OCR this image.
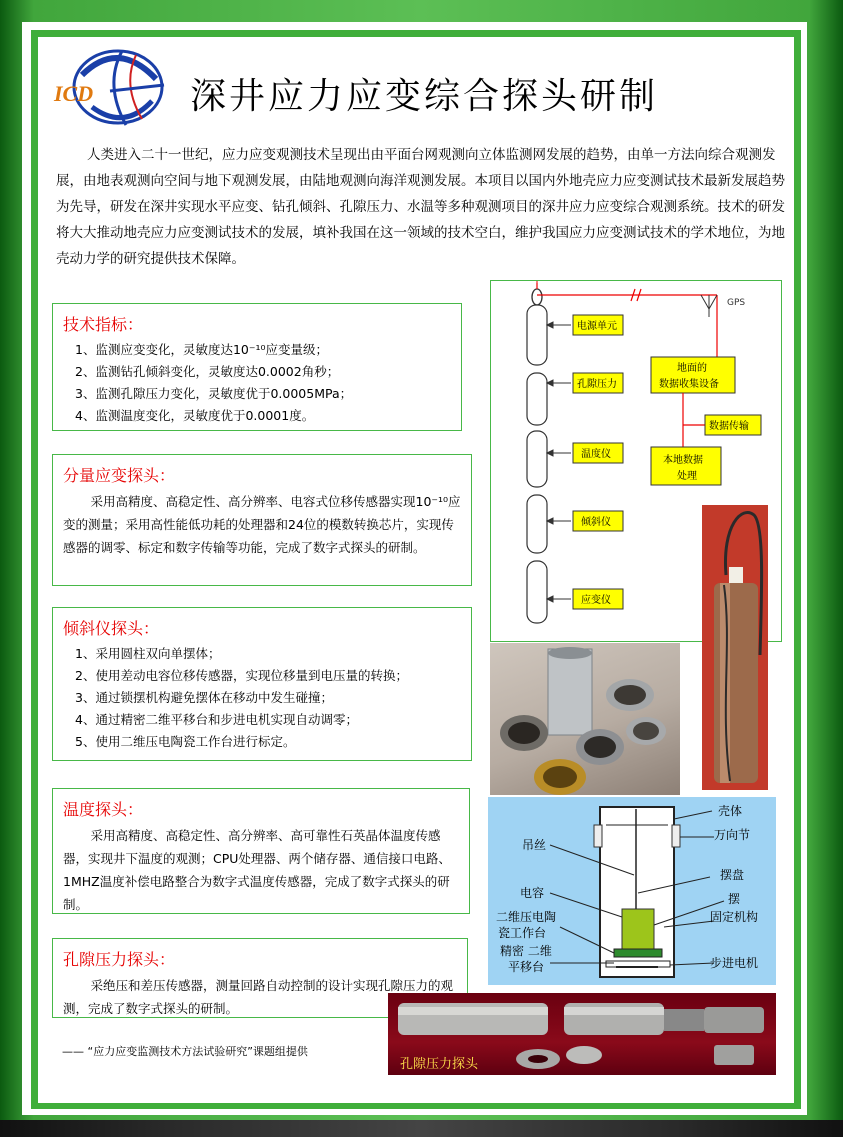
ICD	深井应力应变综合探头研制

人类进入二十一世纪，应力应变观测技术呈现出由平面台网观测向立体监测网发展的趋势，由单一方法向综合观测发展，由地表观测向空间与地下观测发展，由陆地观测向海洋观测发展。本项目以国内外地壳应力应变测试技术最新发展趋势为先导，研发在深井实现水平应变、钻孔倾斜、孔隙压力、水温等多种观测项目的深井应力应变综合观测系统。技术的研发将大大推动地壳应力应变测试技术的发展，填补我国在这一领域的技术空白，维护我国应力应变测试技术的学术地位，为地壳动力学的研究提供技术保障。

技术指标：
1、监测应变变化，灵敏度达10⁻¹⁰应变量级；
2、监测钻孔倾斜变化，灵敏度达0.0002角秒；
3、监测孔隙压力变化，灵敏度优于0.0005MPa；
4、监测温度变化，灵敏度优于0.0001度。
分量应变探头：

采用高精度、高稳定性、高分辨率、电容式位移传感器实现10⁻¹⁰应变的测量；采用高性能低功耗的处理器和24位的模数转换芯片，实现传感器的调零、标定和数字传输等功能，完成了数字式探头的研制。

倾斜仪探头：
1、采用圆柱双向单摆体；
2、使用差动电容位移传感器，实现位移量到电压量的转换；
3、通过锁摆机构避免摆体在移动中发生碰撞；
4、通过精密二维平移台和步进电机实现自动调零；
5、使用二维压电陶瓷工作台进行标定。
温度探头：

采用高精度、高稳定性、高分辨率、高可靠性石英晶体温度传感器，实现井下温度的观测；CPU处理器、两个储存器、通信接口电路、1MHZ温度补偿电路整合为数字式温度传感器，完成了数字式探头的研制。

孔隙压力探头：

采绝压和差压传感器，测量回路自动控制的设计实现孔隙压力的观测，完成了数字式探头的研制。

—— “应力应变监测技术方法试验研究”课题组提供
GPS
电源单元
孔隙压力
温度仪
倾斜仪
应变仪
地面的
数据收集设备
数据传输
本地数据
处理
吊丝
电容
二维压电陶
瓷工作台
精密 二维
平移台
壳体
万向节
摆盘
摆
固定机构
步进电机
孔隙压力探头
